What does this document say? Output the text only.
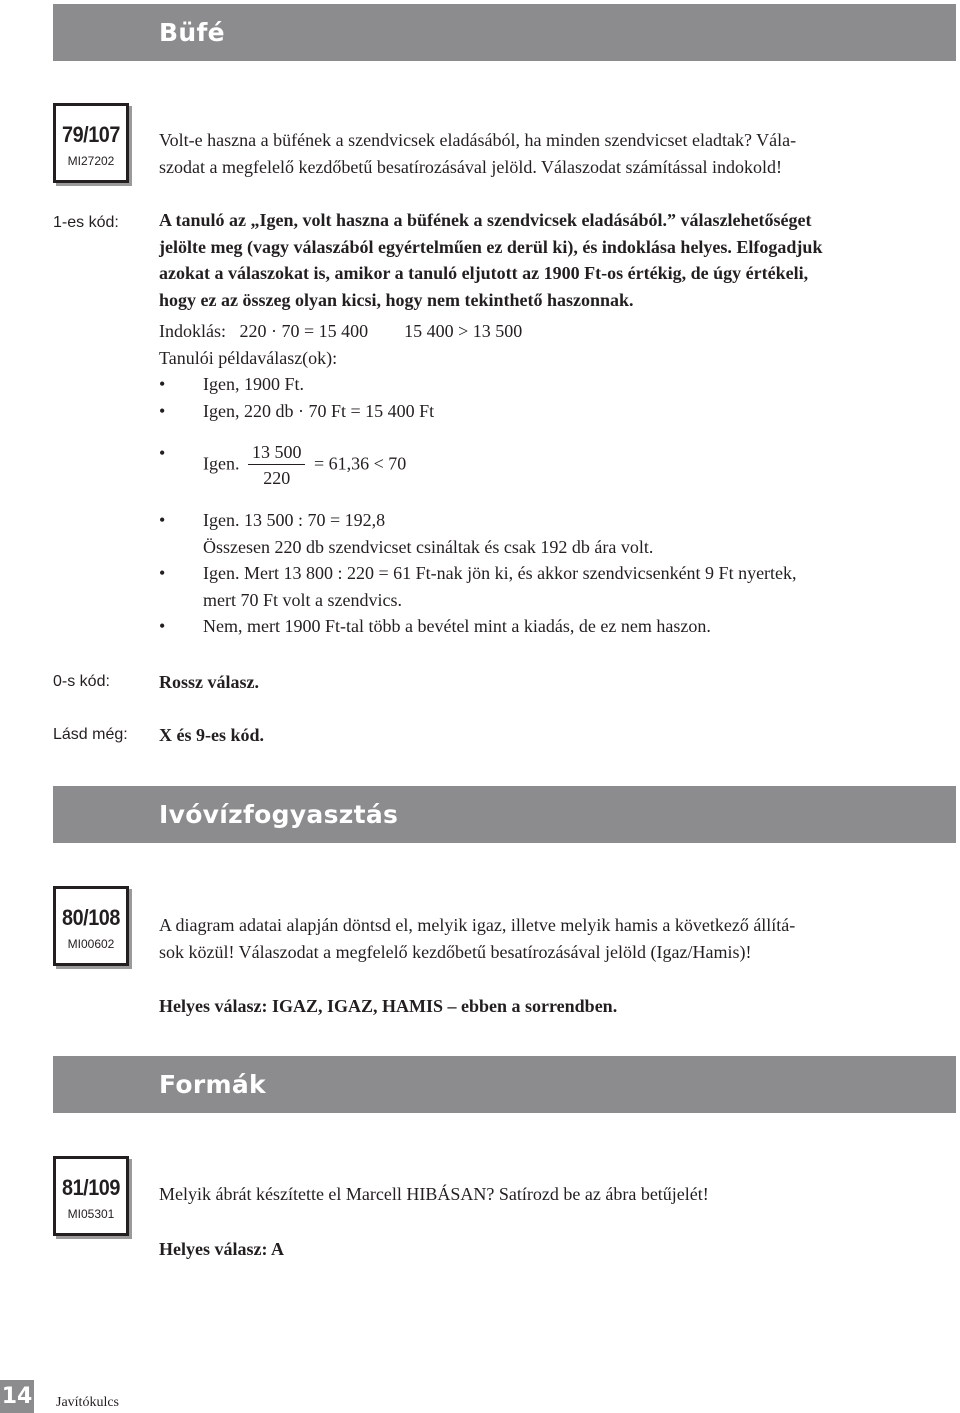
Büfé
79/107
MI27202
Volt-e haszna a büfének a szendvicsek eladásából, ha minden szendvicset eladtak? Vála-
szodat a megfelelő kezdőbetű besatírozásával jelöld. Válaszodat számítással indokold!
1-es kód: A tanuló az „Igen, volt haszna a büfének a szendvicsek eladásából.” válaszlehetőséget
jelölte meg (vagy válaszából egyértelműen ez derül ki), és indoklása helyes. Elfogadjuk
azokat a válaszokat is, amikor a tanuló eljutott az 1900 Ft-os értékig, de úgy értékeli,
hogy ez az összeg olyan kicsi, hogy nem tekinthető haszonnak.
Indoklás:   220 · 70 = 15 400        15 400 > 13 500
Tanulói példaválasz(ok):
• Igen, 1900 Ft.
• Igen, 220 db · 70 Ft = 15 400 Ft
• Igen. $\frac{13 500}{220} = 61,36 < 70$
• Igen. 13 500 : 70 = 192,8
Összesen 220 db szendvicset csináltak és csak 192 db ára volt.
• Igen. Mert 13 800 : 220 = 61 Ft-nak jön ki, és akkor szendvicsenként 9 Ft nyertek,
mert 70 Ft volt a szendvics.
• Nem, mert 1900 Ft-tal több a bevétel mint a kiadás, de ez nem haszon.
0-s kód:	Rossz válasz.
Lásd még: X és 9-es kód.
Ivóvízfogyasztás
80/108
MI00602
A diagram adatai alapján döntsd el, melyik igaz, illetve melyik hamis a következő állítá-
sok közül! Válaszodat a megfelelő kezdőbetű besatírozásával jelöld (Igaz/Hamis)!
Helyes válasz: IGAZ, IGAZ, HAMIS – ebben a sorrendben.
Formák
81/109
MI05301
Melyik ábrát készítette el Marcell HIBÁSAN? Satírozd be az ábra betűjelét!
Helyes válasz: A
14 Javítókulcs
